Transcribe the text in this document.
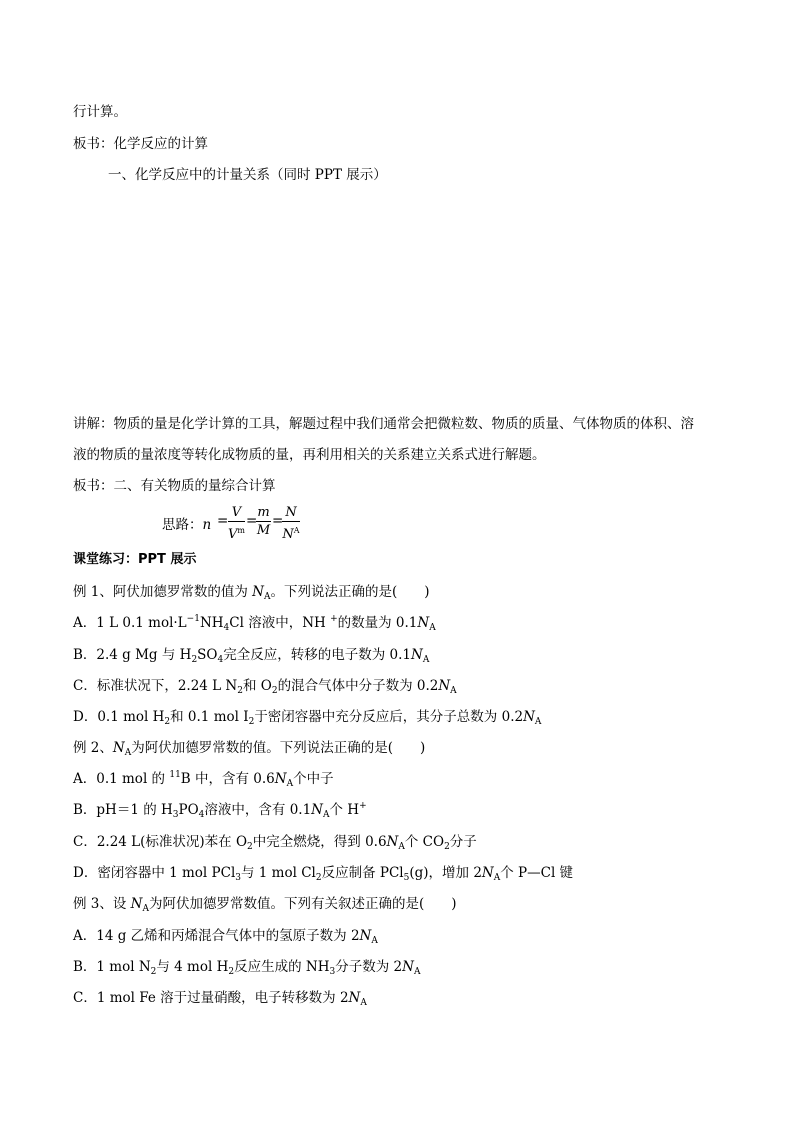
行计算。
板书：化学反应的计算
一、化学反应中的计量关系（同时 PPT 展示）
讲解：物质的量是化学计算的工具，解题过程中我们通常会把微粒数、物质的质量、气体物质的体积、溶
液的物质的量浓度等转化成物质的量，再利用相关的关系建立关系式进行解题。
板书：二、有关物质的量综合计算
思路：n =
V
$V^m$
=
m
M
=
N
$N^A$
课堂练习：PPT 展示
例 1、阿伏加德罗常数的值为 $N_A$。下列说法正确的是(　　)
A．1 L 0.1 $mol\cdot L^{-1}NH_4Cl$ 溶液中，NH +的数量为 $0.1N_A$
B．2.4 g Mg 与 $H_2SO_4$完全反应，转移的电子数为 $0.1N_A$
C．标准状况下，2.24 L $N_2$和 $O_2$的混合气体中分子数为 $0.2N_A$
D．0.1 mol $H_2$和 0.1 mol $I_2$于密闭容器中充分反应后，其分子总数为 $0.2N_A$
例 2、$N_A$为阿伏加德罗常数的值。下列说法正确的是(　　)
A．0.1 mol 的 $^{11}$B 中，含有 $0.6N_A$个中子
B．pH＝1 的 $H_3PO_4$溶液中，含有 $0.1N_A$个 H+
C．2.24 L(标准状况)苯在 $O_2$中完全燃烧，得到 $0.6N_A$个 $CO_2$分子
D．密闭容器中 1 mol PCl$_3$与 1 mol $Cl_2$反应制备 PCl$_5$(g)，增加 $2N_A$个 P—Cl 键
例 3、设 $N_A$为阿伏加德罗常数值。下列有关叙述正确的是(　　)
A．14 g 乙烯和丙烯混合气体中的氢原子数为 $2N_A$
B．1 mol $N_2$与 4 mol $H_2$反应生成的 $NH_3$分子数为 $2N_A$
C．1 mol Fe 溶于过量硝酸，电子转移数为 $2N_A$
